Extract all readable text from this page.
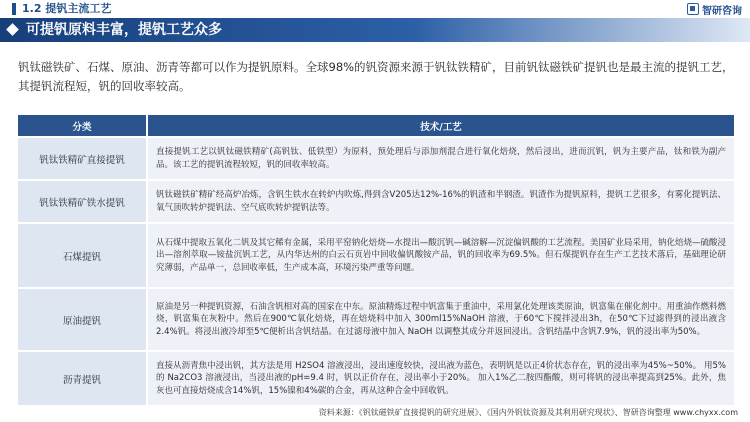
1.2 提钒主流工艺	智研咨询
可提钒原料丰富，提钒工艺众多
钒钛磁铁矿、石煤、原油、沥青等都可以作为提钒原料。全球98%的钒资源来源于钒钛铁精矿，目前钒钛磁铁矿提钒也是最主流的提钒工艺，其提钒流程短，钒的回收率较高。
分类	技术/工艺
钒钛铁精矿直接提钒
直接提钒工艺以钒钛磁铁精矿(高钒钛、低铁型）为原料，预处理后与添加剂混合进行氧化焙烧，然后浸出，进而沉钒，钒为主要产品，钛和铁为副产品。该工艺的提钒流程较短，钒的回收率较高。
钒钛铁精矿铁水提钒
钒钛磁铁矿精矿经高炉冶炼，含钒生铁水在转炉内吹炼,得到含V205达12%-16%的钒渣和半钢渣。钒渣作为提钒原料，提钒工艺很多，有雾化提钒法、氧气顶吹转炉提钒法、空气底吹转炉提钒法等。
石煤提钒
从石煤中提取五氧化二钒及其它稀有金属，采用平窑钠化焙烧—水提出—酸沉钒—碱溶解—沉淀偏钒酸的工艺流程。美国矿业局采用，钠化焙烧—硫酸浸出—溶剂萃取—铵盐沉钒工艺，从内华达州的白云石页岩中回收偏钒酸铵产品，钒的回收率为69.5%。但石煤提钒存在生产工艺技术落后，基础理论研究薄弱，产品单一，总回收率低，生产成本高，环境污染严重等问题。
原油提钒
原油是另一种提钒资源，石油含钒相对高的国家在中东。原油精炼过程中钒富集于重油中，采用氯化处理该类原油，钒富集在催化剂中。用重油作燃料燃烧，钒富集在灰粉中。然后在900℃氧化焙烧，再在焙烧料中加入 300ml15%NaOH 溶液，于60℃下搅拌浸出3h，在50℃下过滤得到的浸出液含2.4%钒。将浸出液冷却至5℃便析出含钒结晶。在过滤母液中加入 NaOH 以调整其成分并返回浸出。含钒结晶中含钒7.9%，钒的浸出率为50%。
沥青提钒
直接从沥青焦中浸出钒，其方法是用 H2SO4 溶液浸出，浸出速度较快，浸出液为蓝色，表明钒是以正4价状态存在，钒的浸出率为45%~50%。 用5%的 Na2CO3 溶液浸出，当浸出液的pH=9.4 时，钒以正价存在，浸出率小于20%。 加入1%乙二胺四酯酸，则可将钒的浸出率提高到25%。此外，焦灰也可直接焙烧成含14%钒，15%镍和4%碳的合金，再从这种合金中回收钒。
资料来源：《钒钛磁铁矿直接提钒的研究进展》、《国内外钒钛资源及其利用研究现状》、智研咨询整理 www.chyxx.com
